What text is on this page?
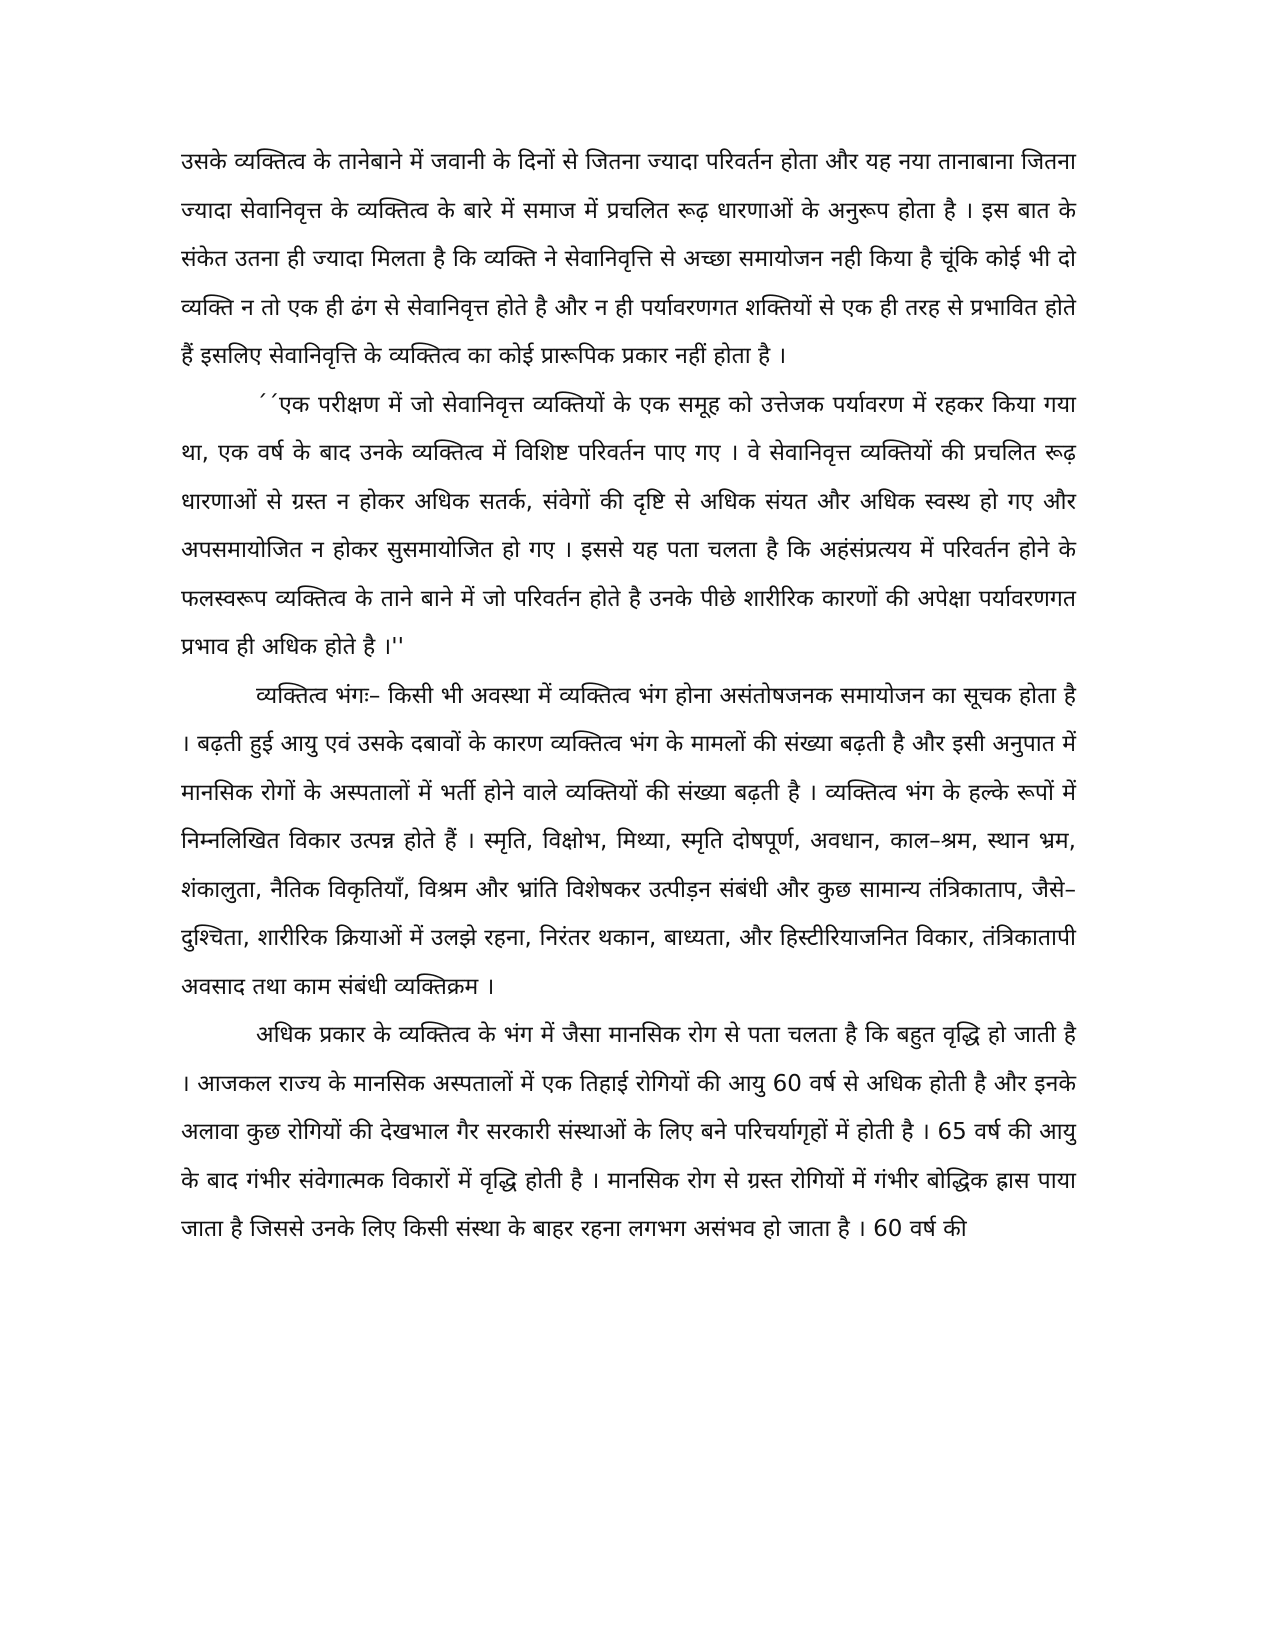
उसके व्यक्तित्व के तानेबाने में जवानी के दिनों से जितना ज्यादा परिवर्तन होता और यह नया तानाबाना जितना ज्यादा सेवानिवृत्त के व्यक्तित्व के बारे में समाज में प्रचलित रूढ़ धारणाओं के अनुरूप होता है । इस बात के संकेत उतना ही ज्यादा मिलता है कि व्यक्ति ने सेवानिवृत्ति से अच्छा समायोजन नही किया है चूंकि कोई भी दो व्यक्ति न तो एक ही ढंग से सेवानिवृत्त होते है और न ही पर्यावरणगत शक्तियों से एक ही तरह से प्रभावित होते हैं इसलिए सेवानिवृत्ति के व्यक्तित्व का कोई प्रारूपिक प्रकार नहीं होता है ।

´´एक परीक्षण में जो सेवानिवृत्त व्यक्तियों के एक समूह को उत्तेजक पर्यावरण में रहकर किया गया था, एक वर्ष के बाद उनके व्यक्तित्व में विशिष्ट परिवर्तन पाए गए । वे सेवानिवृत्त व्यक्तियों की प्रचलित रूढ़ धारणाओं से ग्रस्त न होकर अधिक सतर्क, संवेगों की दृष्टि से अधिक संयत और अधिक स्वस्थ हो गए और अपसमायोजित न होकर सुसमायोजित हो गए । इससे यह पता चलता है कि अहंसंप्रत्यय में परिवर्तन होने के फलस्वरूप व्यक्तित्व के ताने बाने में जो परिवर्तन होते है उनके पीछे शारीरिक कारणों की अपेक्षा पर्यावरणगत प्रभाव ही अधिक होते है ।''

व्यक्तित्व भंगः– किसी भी अवस्था में व्यक्तित्व भंग होना असंतोषजनक समायोजन का सूचक होता है । बढ़ती हुई आयु एवं उसके दबावों के कारण व्यक्तित्व भंग के मामलों की संख्या बढ़ती है और इसी अनुपात में मानसिक रोगों के अस्पतालों में भर्ती होने वाले व्यक्तियों की संख्या बढ़ती है । व्यक्तित्व भंग के हल्के रूपों में निम्नलिखित विकार उत्पन्न होते हैं । स्मृति, विक्षोभ, मिथ्या, स्मृति दोषपूर्ण, अवधान, काल–श्रम, स्थान भ्रम, शंकालुता, नैतिक विकृतियाँ, विश्रम और भ्रांति विशेषकर उत्पीड़न संबंधी और कुछ सामान्य तंत्रिकाताप, जैसे– दुश्चिता, शारीरिक क्रियाओं में उलझे रहना, निरंतर थकान, बाध्यता, और हिस्टीरियाजनित विकार, तंत्रिकातापी अवसाद तथा काम संबंधी व्यक्तिक्रम ।

अधिक प्रकार के व्यक्तित्व के भंग में जैसा मानसिक रोग से पता चलता है कि बहुत वृद्धि हो जाती है । आजकल राज्य के मानसिक अस्पतालों में एक तिहाई रोगियों की आयु 60 वर्ष से अधिक होती है और इनके अलावा कुछ रोगियों की देखभाल गैर सरकारी संस्थाओं के लिए बने परिचर्यागृहों में होती है । 65 वर्ष की आयु के बाद गंभीर संवेगात्मक विकारों में वृद्धि होती है । मानसिक रोग से ग्रस्त रोगियों में गंभीर बोद्धिक ह्रास पाया जाता है जिससे उनके लिए किसी संस्था के बाहर रहना लगभग असंभव हो जाता है । 60 वर्ष की
